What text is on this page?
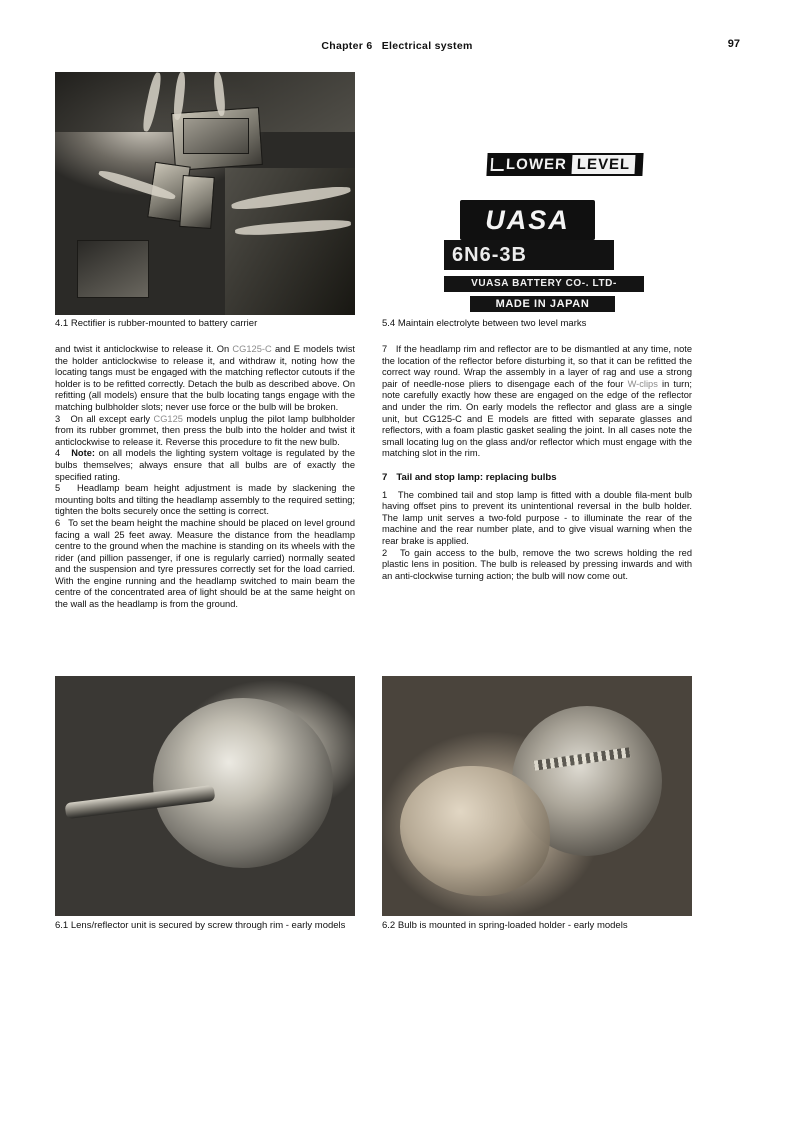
Chapter 6 Electrical system	97
4.1 Rectifier is rubber-mounted to battery carrier
LOWER LEVEL
UASA
6N6-3B
VUASA BATTERY CO-. LTD-
MADE IN JAPAN
5.4 Maintain electrolyte between two level marks

and twist it anticlockwise to release it. On CG125-C and E models twist the holder anticlockwise to release it, and withdraw it, noting how the locating tangs must be engaged with the matching reflector cutouts if the holder is to be refitted correctly. Detach the bulb as described above. On refitting (all models) ensure that the bulb locating tangs engage with the matching bulbholder slots; never use force or the bulb will be broken.

3 On all except early CG125 models unplug the pilot lamp bulbholder from its rubber grommet, then press the bulb into the holder and twist it anticlockwise to release it. Reverse this procedure to fit the new bulb.

4 Note: on all models the lighting system voltage is regulated by the bulbs themselves; always ensure that all bulbs are of exactly the specified rating.

5 Headlamp beam height adjustment is made by slackening the mounting bolts and tilting the headlamp assembly to the required setting; tighten the bolts securely once the setting is correct.

6 To set the beam height the machine should be placed on level ground facing a wall 25 feet away. Measure the distance from the headlamp centre to the ground when the machine is standing on its wheels with the rider (and pillion passenger, if one is regularly carried) normally seated and the suspension and tyre pressures correctly set for the load carried. With the engine running and the headlamp switched to main beam the centre of the concentrated area of light should be at the same height on the wall as the headlamp is from the ground.

7 If the headlamp rim and reflector are to be dismantled at any time, note the location of the reflector before disturbing it, so that it can be refitted the correct way round. Wrap the assembly in a layer of rag and use a strong pair of needle-nose pliers to disengage each of the four W-clips in turn; note carefully exactly how these are engaged on the edge of the reflector and under the rim. On early models the reflector and glass are a single unit, but CG125-C and E models are fitted with separate glasses and reflectors, with a foam plastic gasket sealing the joint. In all cases note the small locating lug on the glass and/or reflector which must engage with the matching slot in the rim.

7 Tail and stop lamp: replacing bulbs

1 The combined tail and stop lamp is fitted with a double fila-ment bulb having offset pins to prevent its unintentional reversal in the bulb holder. The lamp unit serves a two-fold purpose - to illuminate the rear of the machine and the rear number plate, and to give visual warning when the rear brake is applied.

2 To gain access to the bulb, remove the two screws holding the red plastic lens in position. The bulb is released by pressing inwards and with an anti-clockwise turning action; the bulb will now come out.

6.1 Lens/reflector unit is secured by screw through rim - early models	6.2 Bulb is mounted in spring-loaded holder - early models
